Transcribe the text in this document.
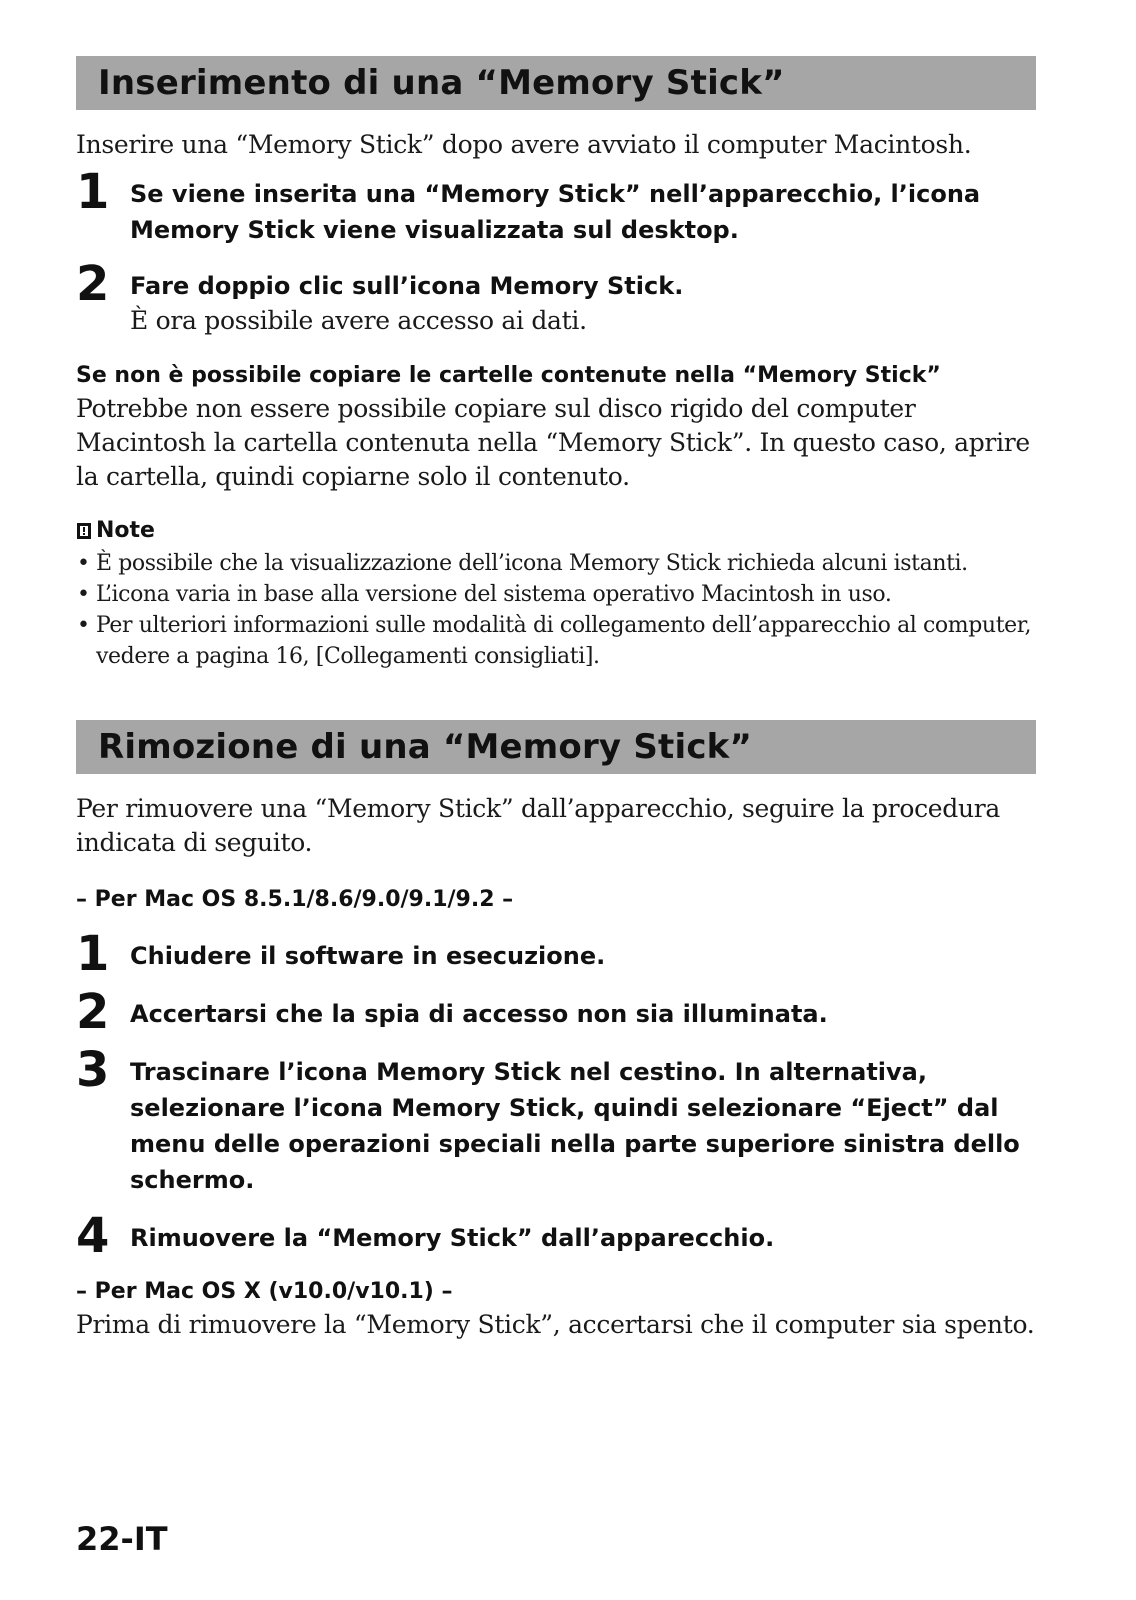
Inserimento di una “Memory Stick”
Inserire una “Memory Stick” dopo avere avviato il computer Macintosh.
1 Se viene inserita una “Memory Stick” nell’apparecchio, l’icona Memory Stick viene visualizzata sul desktop.
2 Fare doppio clic sull’icona Memory Stick.
È ora possibile avere accesso ai dati.
Se non è possibile copiare le cartelle contenute nella “Memory Stick”
Potrebbe non essere possibile copiare sul disco rigido del computer Macintosh la cartella contenuta nella “Memory Stick”. In questo caso, aprire la cartella, quindi copiarne solo il contenuto.
Note
• È possibile che la visualizzazione dell’icona Memory Stick richieda alcuni istanti.
• L’icona varia in base alla versione del sistema operativo Macintosh in uso.
• Per ulteriori informazioni sulle modalità di collegamento dell’apparecchio al computer, vedere a pagina 16, [Collegamenti consigliati].
Rimozione di una “Memory Stick”
Per rimuovere una “Memory Stick” dall’apparecchio, seguire la procedura indicata di seguito.
– Per Mac OS 8.5.1/8.6/9.0/9.1/9.2 –
1 Chiudere il software in esecuzione.
2 Accertarsi che la spia di accesso non sia illuminata.
3 Trascinare l’icona Memory Stick nel cestino. In alternativa, selezionare l’icona Memory Stick, quindi selezionare “Eject” dal menu delle operazioni speciali nella parte superiore sinistra dello schermo.
4 Rimuovere la “Memory Stick” dall’apparecchio.
– Per Mac OS X (v10.0/v10.1) –
Prima di rimuovere la “Memory Stick”, accertarsi che il computer sia spento.
22-IT
